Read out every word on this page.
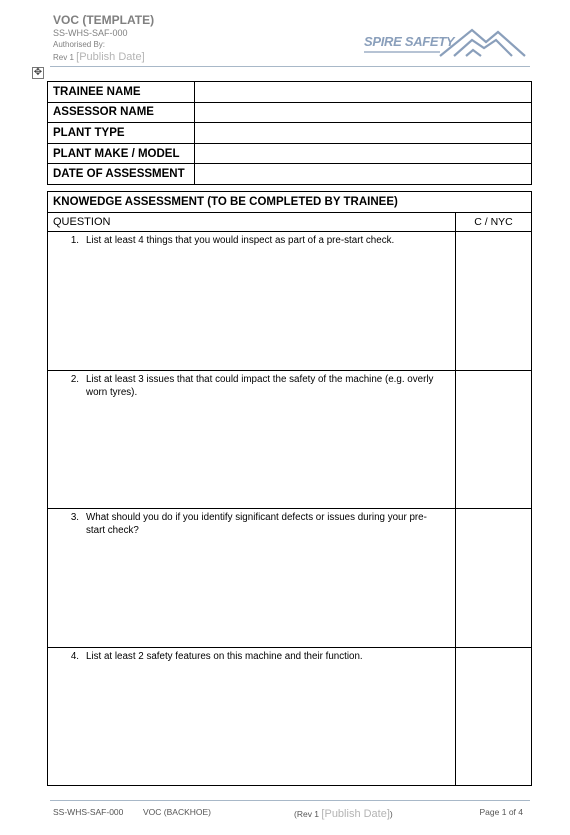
VOC (TEMPLATE)
SS-WHS-SAF-000
Authorised By:
Rev 1 [Publish Date]
SPIRE SAFETY
✥
TRAINEE NAME	
ASSESSOR NAME	
PLANT TYPE	
PLANT MAKE / MODEL	
DATE OF ASSESSMENT	
KNOWEDGE ASSESSMENT (TO BE COMPLETED BY TRAINEE)	
QUESTION	C / NYC

1. List at least 4 things that you would inspect as part of a pre-start check.	

2. List at least 3 issues that that could impact the safety of the machine (e.g. overly worn tyres).	

3. What should you do if you identify significant defects or issues during your pre-start check?	

4. List at least 2 safety features on this machine and their function.	

SS-WHS-SAF-000 VOC (BACKHOE)	(Rev 1 [Publish Date])	Page 1 of 4
